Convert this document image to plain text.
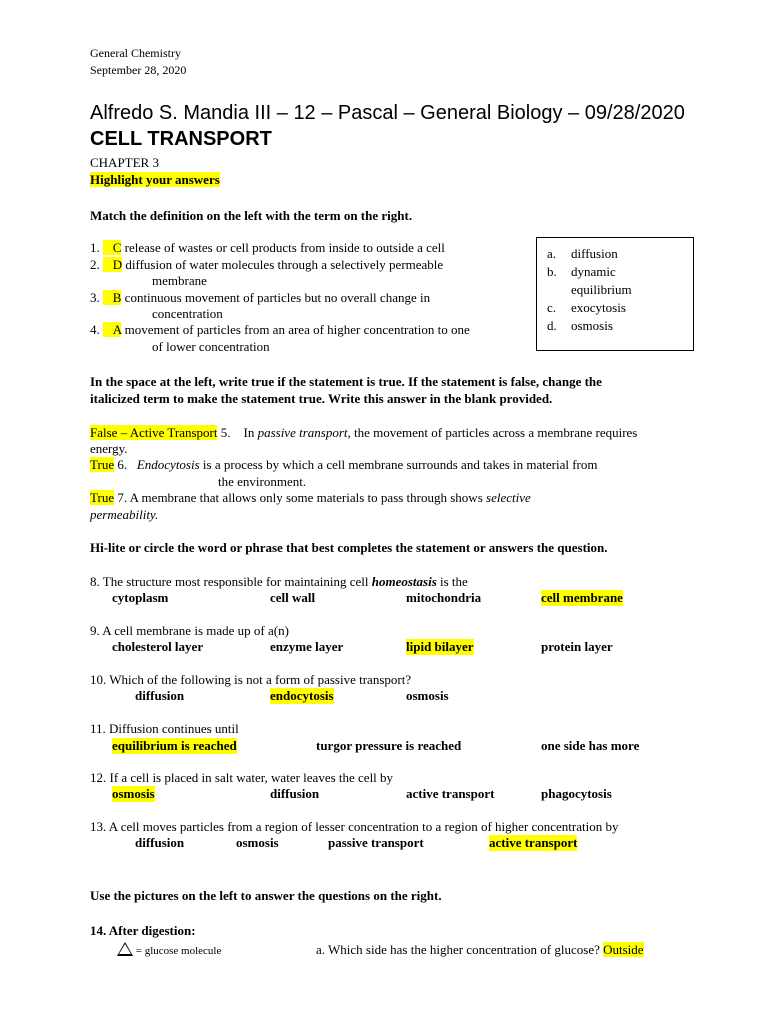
General Chemistry
September 28, 2020
Alfredo S. Mandia III – 12 – Pascal – General Biology – 09/28/2020
CELL TRANSPORT
CHAPTER 3
Highlight your answers
Match the definition on the left with the term on the right.
1. C release of wastes or cell products from inside to outside a cell
2. D diffusion of water molecules through a selectively permeable
membrane
3. B continuous movement of particles but no overall change in
concentration
4. A movement of particles from an area of higher concentration to one
of lower concentration
a. diffusion
b. dynamic
equilibrium
c. exocytosis
d. osmosis
In the space at the left, write true if the statement is true. If the statement is false, change the
italicized term to make the statement true. Write this answer in the blank provided.
False – Active Transport 5. In passive transport, the movement of particles across a membrane requires
energy.
True 6. Endocytosis is a process by which a cell membrane surrounds and takes in material from
the environment.
True 7. A membrane that allows only some materials to pass through shows selective
permeability.
Hi-lite or circle the word or phrase that best completes the statement or answers the question.
8. The structure most responsible for maintaining cell homeostasis is the
cytoplasm	cell wall	mitochondria	cell membrane
9. A cell membrane is made up of a(n)
cholesterol layer	enzyme layer	lipid bilayer	protein layer
10. Which of the following is not a form of passive transport?
diffusion	endocytosis	osmosis
11. Diffusion continues until
equilibrium is reached	turgor pressure is reached	one side has more
12. If a cell is placed in salt water, water leaves the cell by
osmosis	diffusion	active transport	phagocytosis
13. A cell moves particles from a region of lesser concentration to a region of higher concentration by
diffusion	osmosis	passive transport	active transport
Use the pictures on the left to answer the questions on the right.
14. After digestion:
= glucose molecule	a. Which side has the higher concentration of glucose? Outside
